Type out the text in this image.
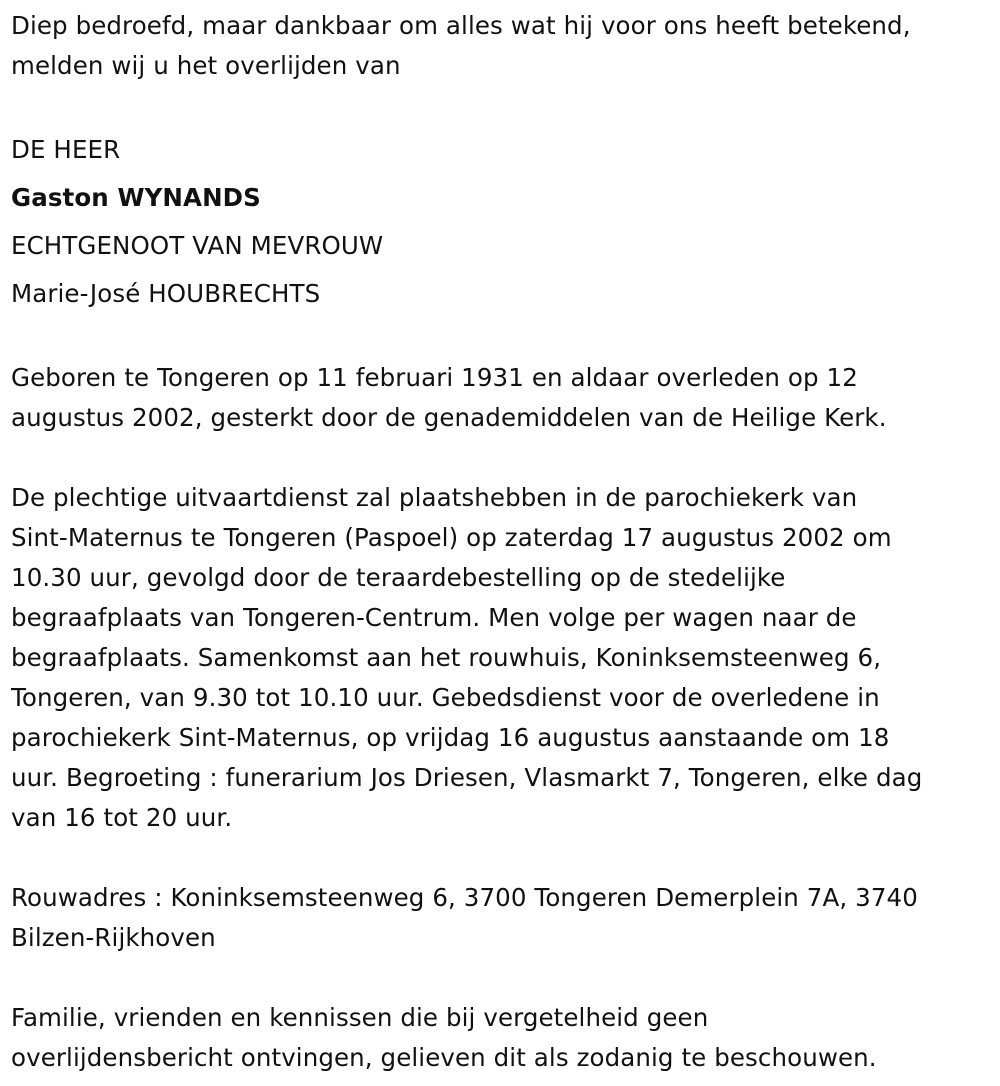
Diep bedroefd, maar dankbaar om alles wat hij voor ons heeft betekend,
melden wij u het overlijden van
DE HEER
Gaston WYNANDS
ECHTGENOOT VAN MEVROUW
Marie-José HOUBRECHTS
Geboren te Tongeren op 11 februari 1931 en aldaar overleden op 12
augustus 2002, gesterkt door de genademiddelen van de Heilige Kerk.
De plechtige uitvaartdienst zal plaatshebben in de parochiekerk van
Sint-Maternus te Tongeren (Paspoel) op zaterdag 17 augustus 2002 om
10.30 uur, gevolgd door de teraardebestelling op de stedelijke
begraafplaats van Tongeren-Centrum. Men volge per wagen naar de
begraafplaats. Samenkomst aan het rouwhuis, Koninksemsteenweg 6,
Tongeren, van 9.30 tot 10.10 uur. Gebedsdienst voor de overledene in
parochiekerk Sint-Maternus, op vrijdag 16 augustus aanstaande om 18
uur. Begroeting : funerarium Jos Driesen, Vlasmarkt 7, Tongeren, elke dag
van 16 tot 20 uur.
Rouwadres : Koninksemsteenweg 6, 3700 Tongeren Demerplein 7A, 3740
Bilzen-Rijkhoven
Familie, vrienden en kennissen die bij vergetelheid geen
overlijdensbericht ontvingen, gelieven dit als zodanig te beschouwen.
